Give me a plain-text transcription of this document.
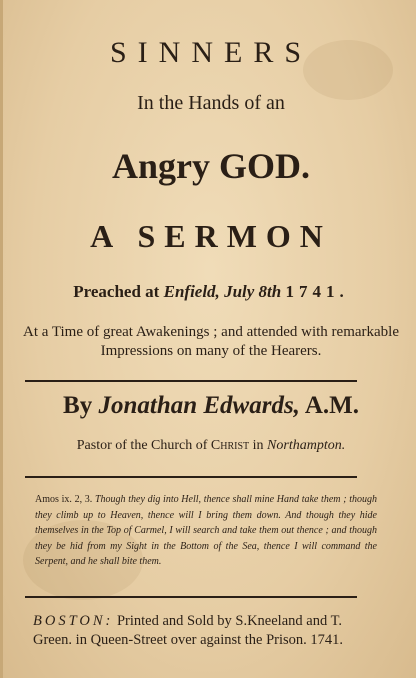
SINNERS
In the Hands of an
Angry GOD.
A SERMON
Preached at Enfield, July 8th 1741.
At a Time of great Awakenings ; and attended with remarkable Impressions on many of the Hearers.
By Jonathan Edwards, A.M.
Pastor of the Church of Christ in Northampton.
Amos ix. 2, 3. Though they dig into Hell, thence shall mine Hand take them ; though they climb up to Heaven, thence will I bring them down. And though they hide themselves in the Top of Carmel, I will search and take them out thence ; and though they be hid from my Sight in the Bottom of the Sea, thence I will command the Serpent, and he shall bite them.
BOSTON: Printed and Sold by S.Kneeland and T. Green. in Queen-Street over against the Prison. 1741.
